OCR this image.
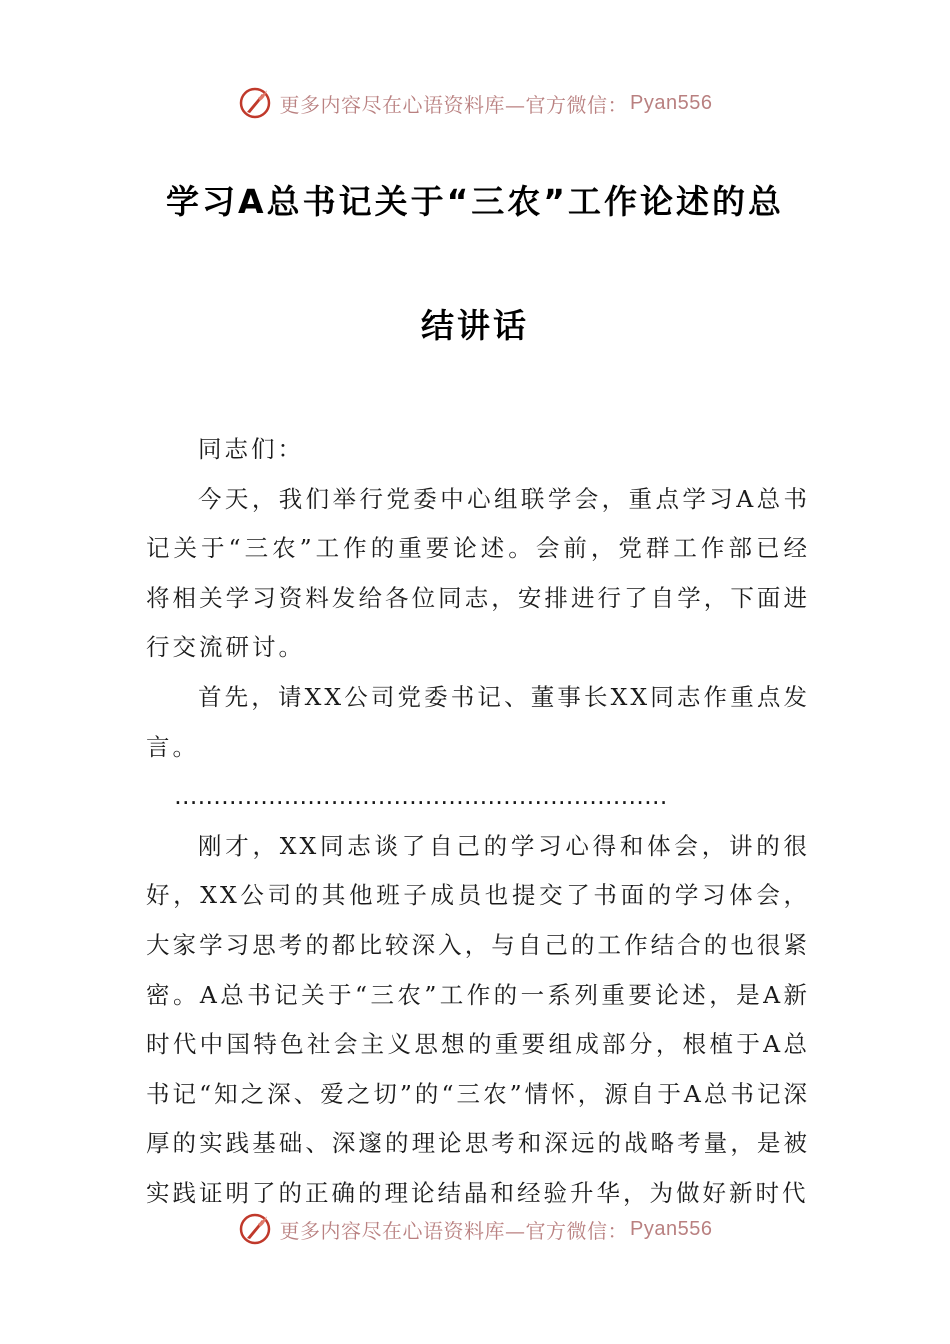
更多内容尽在心语资料库—官方微信： Pyan556
学习A总书记关于“三农”工作论述的总
结讲话

同志们：

今天，我们举行党委中心组联学会，重点学习A总书记关于“三农”工作的重要论述。会前，党群工作部已经将相关学习资料发给各位同志，安排进行了自学，下面进行交流研讨。

首先，请XX公司党委书记、董事长XX同志作重点发言。

………………………………………………………

刚才，XX同志谈了自己的学习心得和体会，讲的很好，XX公司的其他班子成员也提交了书面的学习体会，大家学习思考的都比较深入，与自己的工作结合的也很紧密。A总书记关于“三农”工作的一系列重要论述，是A新时代中国特色社会主义思想的重要组成部分，根植于A总书记“知之深、爱之切”的“三农”情怀，源自于A总书记深厚的实践基础、深邃的理论思考和深远的战略考量，是被实践证明了的正确的理论结晶和经验升华，为做好新时代

更多内容尽在心语资料库—官方微信： Pyan556
